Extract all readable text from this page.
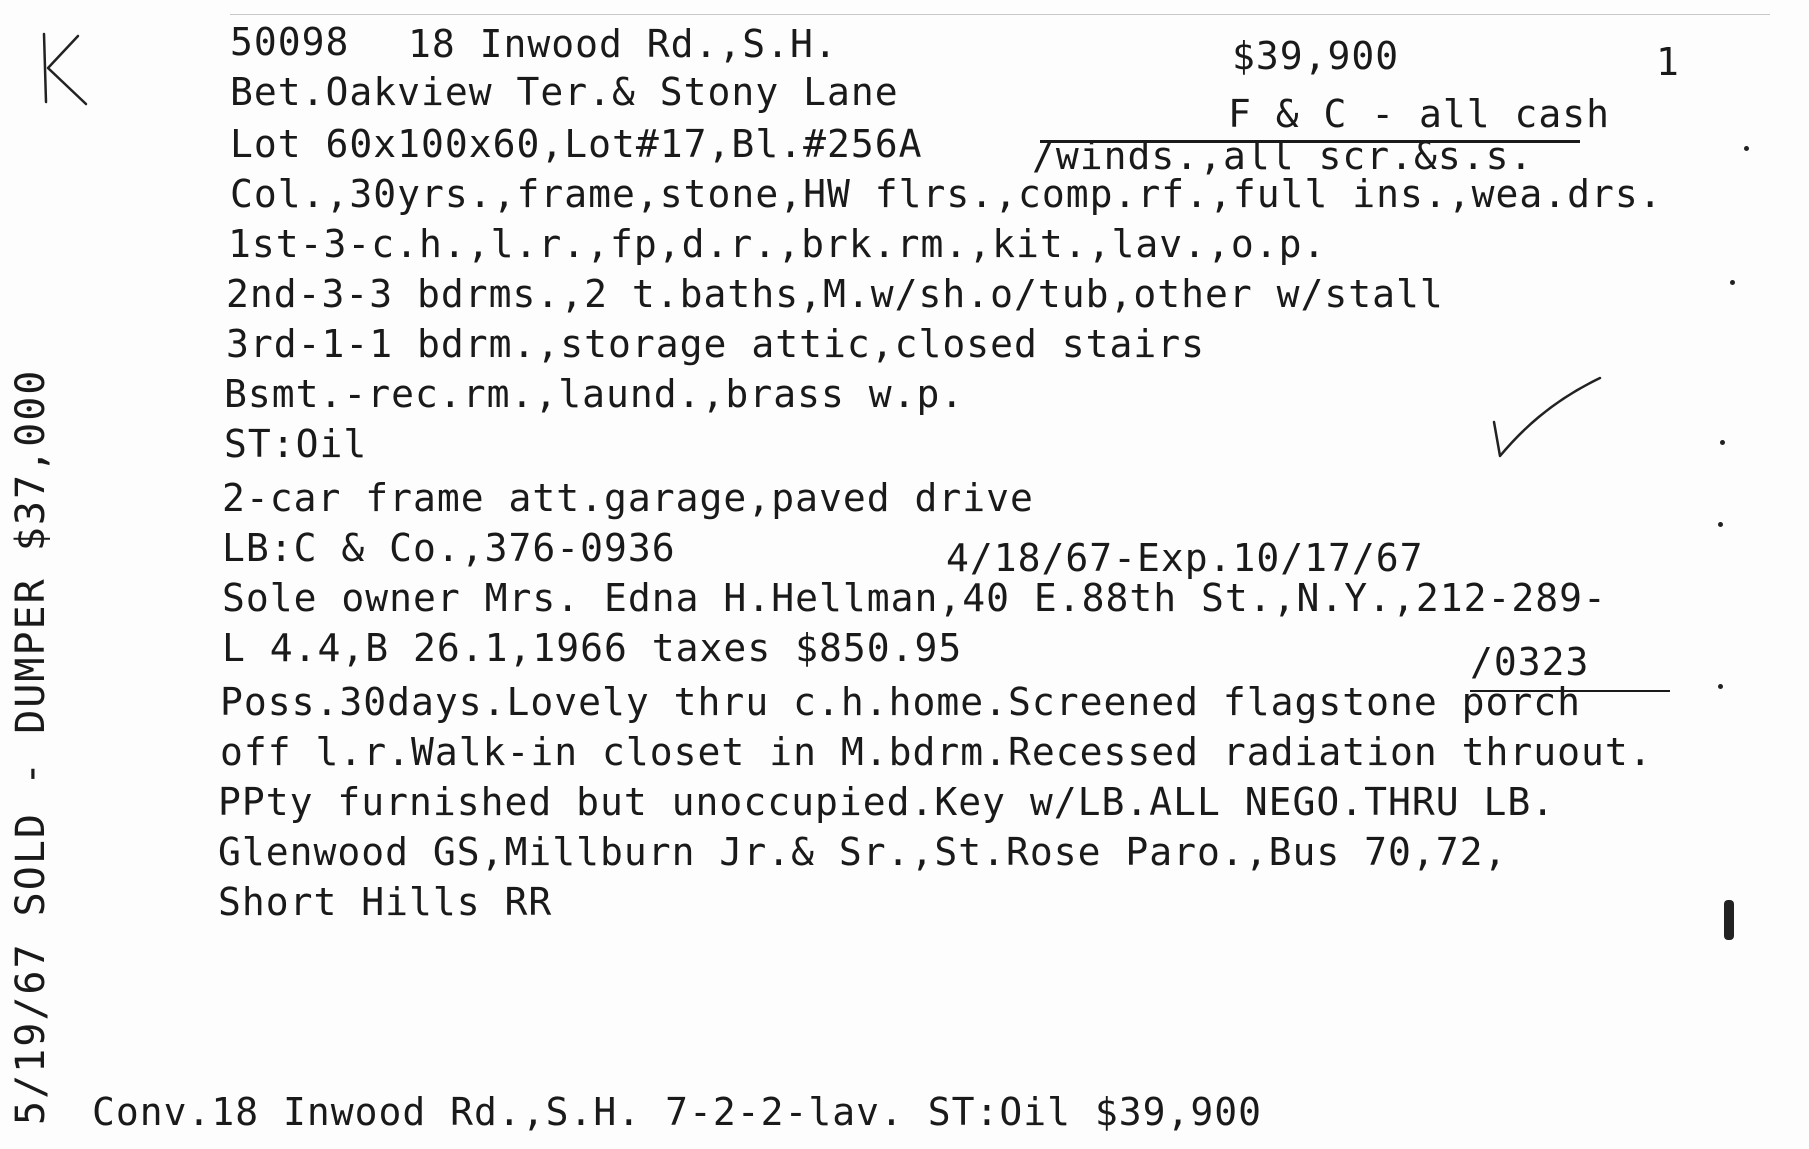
50098 18 Inwood Rd.,S.H.	$39,900	1
F & C - all cash
Bet.Oakview Ter.& Stony Lane
Lot 60x100x60,Lot#17,Bl.#256A	/winds.,all scr.&s.s.
Col.,30yrs.,frame,stone,HW flrs.,comp.rf.,full ins.,wea.drs.
1st-3-c.h.,l.r.,fp,d.r.,brk.rm.,kit.,lav.,o.p.
2nd-3-3 bdrms.,2 t.baths,M.w/sh.o/tub,other w/stall
3rd-1-1 bdrm.,storage attic,closed stairs
Bsmt.-rec.rm.,laund.,brass w.p.
ST:Oil
2-car frame att.garage,paved drive
LB:C & Co.,376-0936	4/18/67-Exp.10/17/67
Sole owner Mrs. Edna H.Hellman,40 E.88th St.,N.Y.,212-289-
L 4.4,B 26.1,1966 taxes $850.95	/0323
Poss.30days.Lovely thru c.h.home.Screened flagstone porch
off l.r.Walk-in closet in M.bdrm.Recessed radiation thruout.
PPty furnished but unoccupied.Key w/LB.ALL NEGO.THRU LB.
Glenwood GS,Millburn Jr.& Sr.,St.Rose Paro.,Bus 70,72,
Short Hills RR
5/19/67 SOLD - DUMPER $37,000 Conv.18 Inwood Rd.,S.H. 7-2-2-lav. ST:Oil $39,900
